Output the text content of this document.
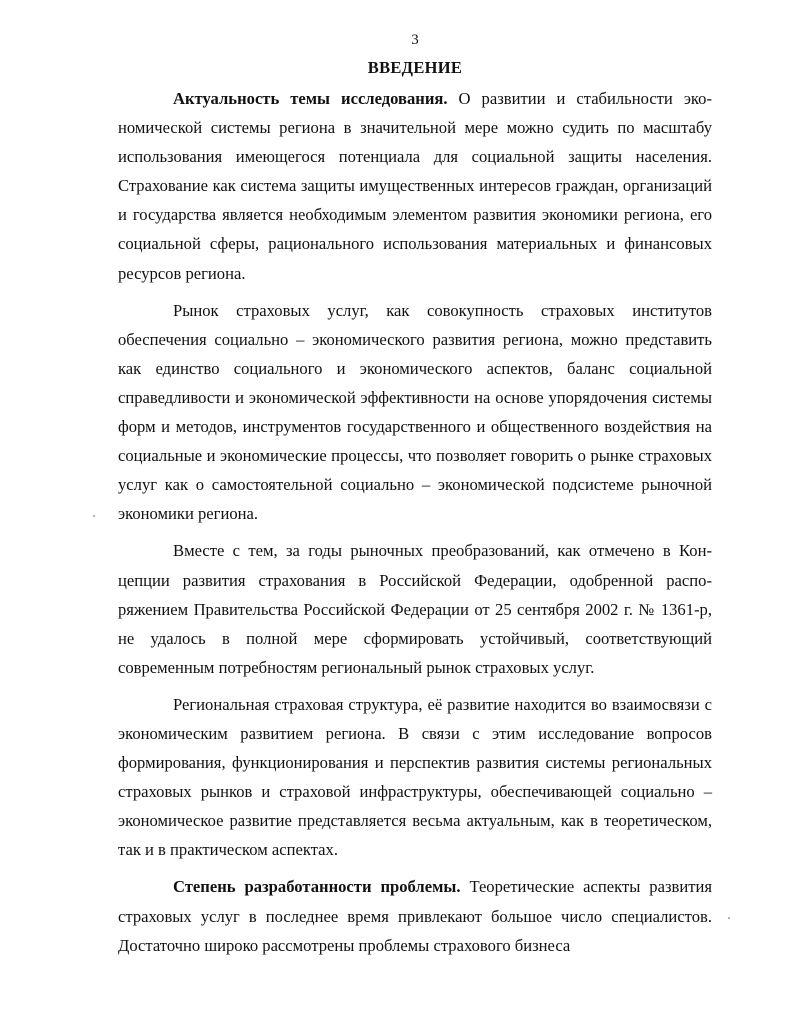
3
ВВЕДЕНИЕ

Актуальность темы исследования. О развитии и стабильности экономической системы региона в значительной мере можно судить по масштабу использования имеющегося потенциала для социальной защиты населения. Страхование как система защиты имущественных интересов граждан, организаций и государства является необходимым элементом развития экономики региона, его социальной сферы, рационального использования материальных и финансовых ресурсов региона.

Рынок страховых услуг, как совокупность страховых институтов обеспечения социально – экономического развития региона, можно представить как единство социального и экономического аспектов, баланс социальной справедливости и экономической эффективности на основе упорядочения системы форм и методов, инструментов государственного и общественного воздействия на социальные и экономические процессы, что позволяет говорить о рынке страховых услуг как о самостоятельной социально – экономической подсистеме рыночной экономики региона.

Вместе с тем, за годы рыночных преобразований, как отмечено в Концепции развития страхования в Российской Федерации, одобренной распоряжением Правительства Российской Федерации от 25 сентября 2002 г. № 1361-р, не удалось в полной мере сформировать устойчивый, соответствующий современным потребностям региональный рынок страховых услуг.

Региональная страховая структура, её развитие находится во взаимосвязи с экономическим развитием региона. В связи с этим исследование вопросов формирования, функционирования и перспектив развития системы региональных страховых рынков и страховой инфраструктуры, обеспечивающей социально – экономическое развитие представляется весьма актуальным, как в теоретическом, так и в практическом аспектах.

Степень разработанности проблемы. Теоретические аспекты развития страховых услуг в последнее время привлекают большое число специалистов. Достаточно широко рассмотрены проблемы страхового бизнеса
